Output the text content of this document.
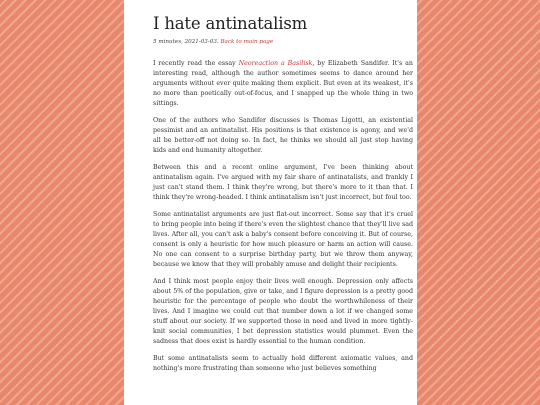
I hate antinatalism
5 minutes, 2021-03-03. Back to main page

I recently read the essay Neoreaction a Basilisk, by Elizabeth Sandifer. It's an interesting read, although the author sometimes seems to dance around her arguments without ever quite making them explicit. But even at its weakest, it's no more than poetically out-of-focus, and I snapped up the whole thing in two sittings.

One of the authors who Sandifer discusses is Thomas Ligotti, an existential pessimist and an antinatalist. His positions is that existence is agony, and we'd all be better-off not doing so. In fact, he thinks we should all just stop having kids and end humanity altogether.

Between this and a recent online argument, I've been thinking about antinatalism again. I've argued with my fair share of antinatalists, and frankly I just can't stand them. I think they're wrong, but there's more to it than that. I think they're wrong-headed. I think antinatalism isn't just incorrect, but foul too.

Some antinatalist arguments are just flat-out incorrect. Some say that it's cruel to bring people into being if there's even the slightest chance that they'll live sad lives. After all, you can't ask a baby's consent before conceiving it. But of course, consent is only a heuristic for how much pleasure or harm an action will cause. No one can consent to a surprise birthday party, but we throw them anyway, because we know that they will probably amuse and delight their recipients.

And I think most people enjoy their lives well enough. Depression only affects about 5% of the population, give or take, and I figure depression is a pretty good heuristic for the percentage of people who doubt the worthwhileness of their lives. And I imagine we could cut that number down a lot if we changed some stuff about our society. If we supported those in need and lived in more tightly-knit social communities, I bet depression statistics would plummet. Even the sadness that does exist is hardly essential to the human condition.

But some antinatalists seem to actually hold different axiomatic values, and nothing's more frustrating than someone who just believes something
